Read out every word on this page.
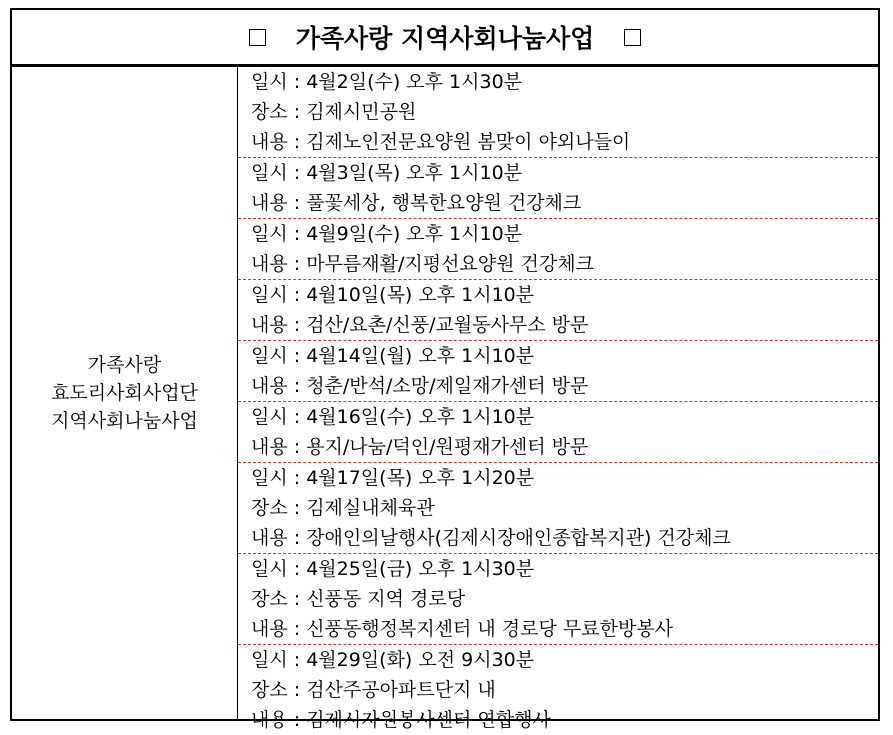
가족사랑 지역사회나눔사업
가족사랑
효도리사회사업단
지역사회나눔사업
일시 : 4월2일(수) 오후 1시30분
장소 : 김제시민공원
내용 : 김제노인전문요양원 봄맞이 야외나들이
일시 : 4월3일(목) 오후 1시10분
내용 : 풀꽃세상, 행복한요양원 건강체크
일시 : 4월9일(수) 오후 1시10분
내용 : 마무름재활/지평선요양원 건강체크
일시 : 4월10일(목) 오후 1시10분
내용 : 검산/요촌/신풍/교월동사무소 방문
일시 : 4월14일(월) 오후 1시10분
내용 : 청춘/반석/소망/제일재가센터 방문
일시 : 4월16일(수) 오후 1시10분
내용 : 용지/나눔/덕인/원평재가센터 방문
일시 : 4월17일(목) 오후 1시20분
장소 : 김제실내체육관
내용 : 장애인의날행사(김제시장애인종합복지관) 건강체크
일시 : 4월25일(금) 오후 1시30분
장소 : 신풍동 지역 경로당
내용 : 신풍동행정복지센터 내 경로당 무료한방봉사
일시 : 4월29일(화) 오전 9시30분
장소 : 검산주공아파트단지 내
내용 : 김제시자원봉사센터 연합행사
